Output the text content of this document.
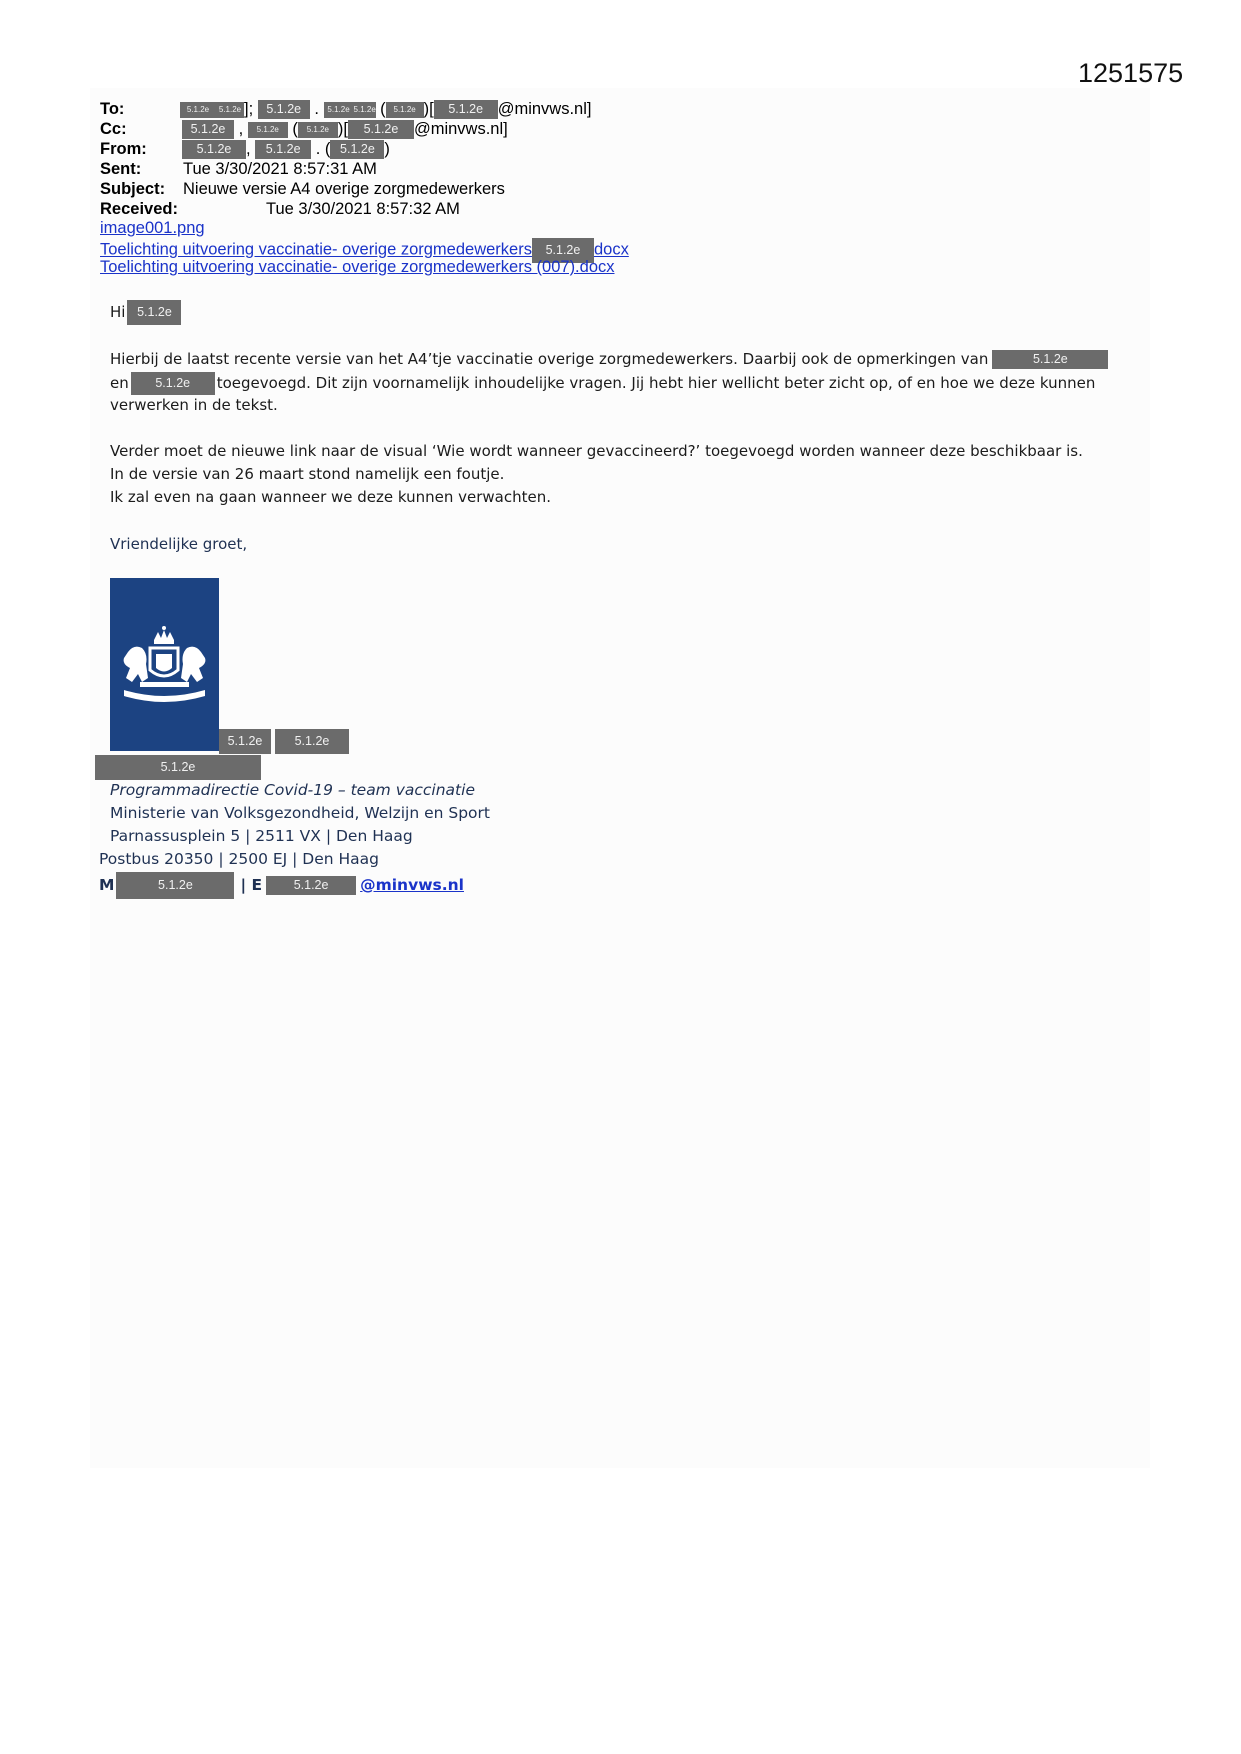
1251575
To:	5.1.2e 5.1.2e ]; 5.1.2e . 5.1.2e 5.1.2e ( 5.1.2e )[ 5.1.2e @minvws.nl]
Cc:	5.1.2e , 5.1.2e ( 5.1.2e )[ 5.1.2e @minvws.nl]
From:	5.1.2e , 5.1.2e . ( 5.1.2e )
Sent:	Tue 3/30/2021 8:57:31 AM
Subject: Nieuwe versie A4 overige zorgmedewerkers
Received:	Tue 3/30/2021 8:57:32 AM
image001.png
Toelichting uitvoering vaccinatie- overige zorgmedewerkers 5.1.2e docx
Toelichting uitvoering vaccinatie- overige zorgmedewerkers (007).docx
Hi 5.1.2e
Hierbij de laatst recente versie van het A4’tje vaccinatie overige zorgmedewerkers. Daarbij ook de opmerkingen van	5.1.2e
en 5.1.2e toegevoegd. Dit zijn voornamelijk inhoudelijke vragen. Jij hebt hier wellicht beter zicht op, of en hoe we deze kunnen
verwerken in de tekst.
Verder moet de nieuwe link naar de visual ‘Wie wordt wanneer gevaccineerd?’ toegevoegd worden wanneer deze beschikbaar is.
In de versie van 26 maart stond namelijk een foutje.
Ik zal even na gaan wanneer we deze kunnen verwachten.
Vriendelijke groet,
5.1.2e	5.1.2e
5.1.2e
Programmadirectie Covid-19 – team vaccinatie
Ministerie van Volksgezondheid, Welzijn en Sport
Parnassusplein 5 | 2511 VX | Den Haag
Postbus 20350 | 2500 EJ | Den Haag
M	5.1.2e	| E	5.1.2e @minvws.nl
